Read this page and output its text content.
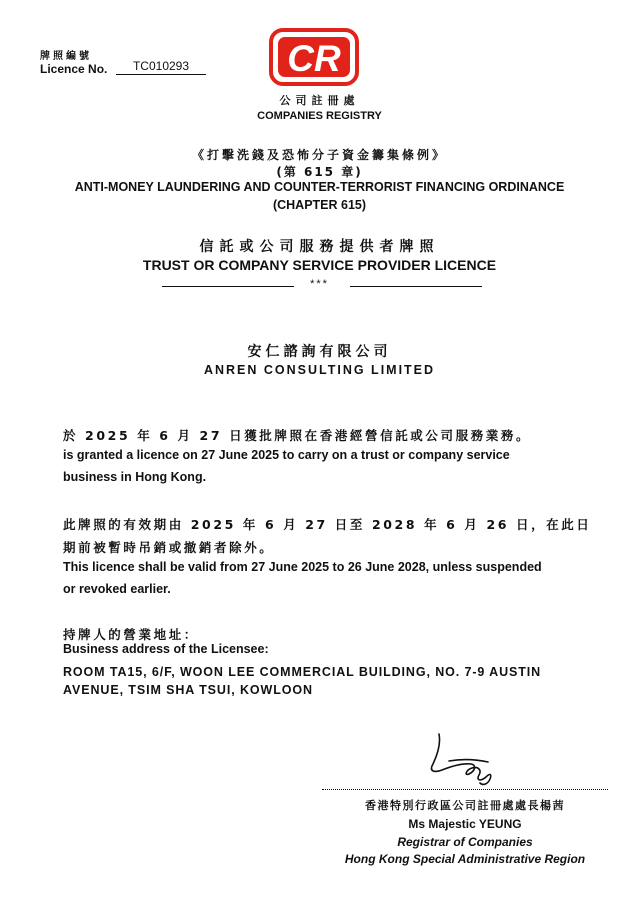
牌照編號
Licence No.	TC010293	CR
公司註冊處
COMPANIES REGISTRY
《打擊洗錢及恐怖分子資金籌集條例》
(第 615 章)
ANTI-MONEY LAUNDERING AND COUNTER-TERRORIST FINANCING ORDINANCE
(CHAPTER 615)
信託或公司服務提供者牌照
TRUST OR COMPANY SERVICE PROVIDER LICENCE
***
安仁諮詢有限公司
ANREN CONSULTING LIMITED
於 2025 年 6 月 27 日獲批牌照在香港經營信託或公司服務業務。
is granted a licence on 27 June 2025 to carry on a trust or company service
business in Hong Kong.
此牌照的有效期由 2025 年 6 月 27 日至 2028 年 6 月 26 日，在此日
期前被暫時吊銷或撤銷者除外。
This licence shall be valid from 27 June 2025 to 26 June 2028, unless suspended
or revoked earlier.
持牌人的營業地址：
Business address of the Licensee:
ROOM TA15, 6/F, WOON LEE COMMERCIAL BUILDING, NO. 7-9 AUSTIN
AVENUE, TSIM SHA TSUI, KOWLOON
香港特別行政區公司註冊處處長楊茜
Ms Majestic YEUNG
Registrar of Companies
Hong Kong Special Administrative Region
